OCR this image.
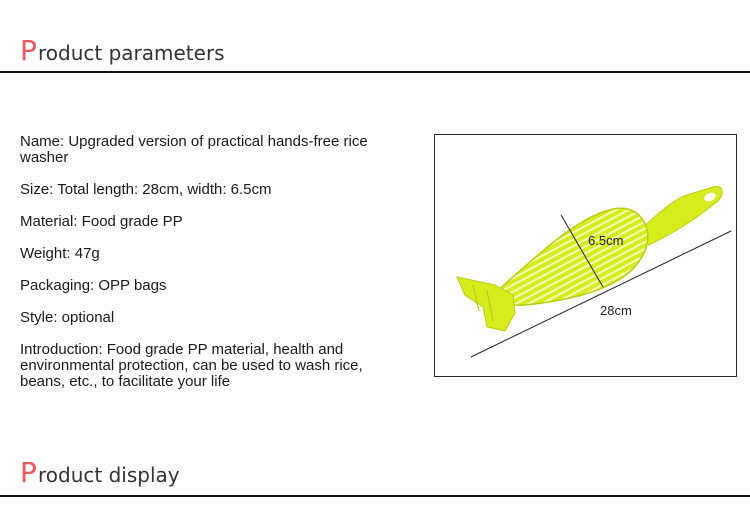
P roduct parameters

Name: Upgraded version of practical hands-free rice washer

Size: Total length: 28cm, width: 6.5cm

Material: Food grade PP

Weight: 47g

Packaging: OPP bags

Style: optional

Introduction: Food grade PP material, health and environmental protection, can be used to wash rice, beans, etc., to facilitate your life

6.5cm
28cm
P roduct display
